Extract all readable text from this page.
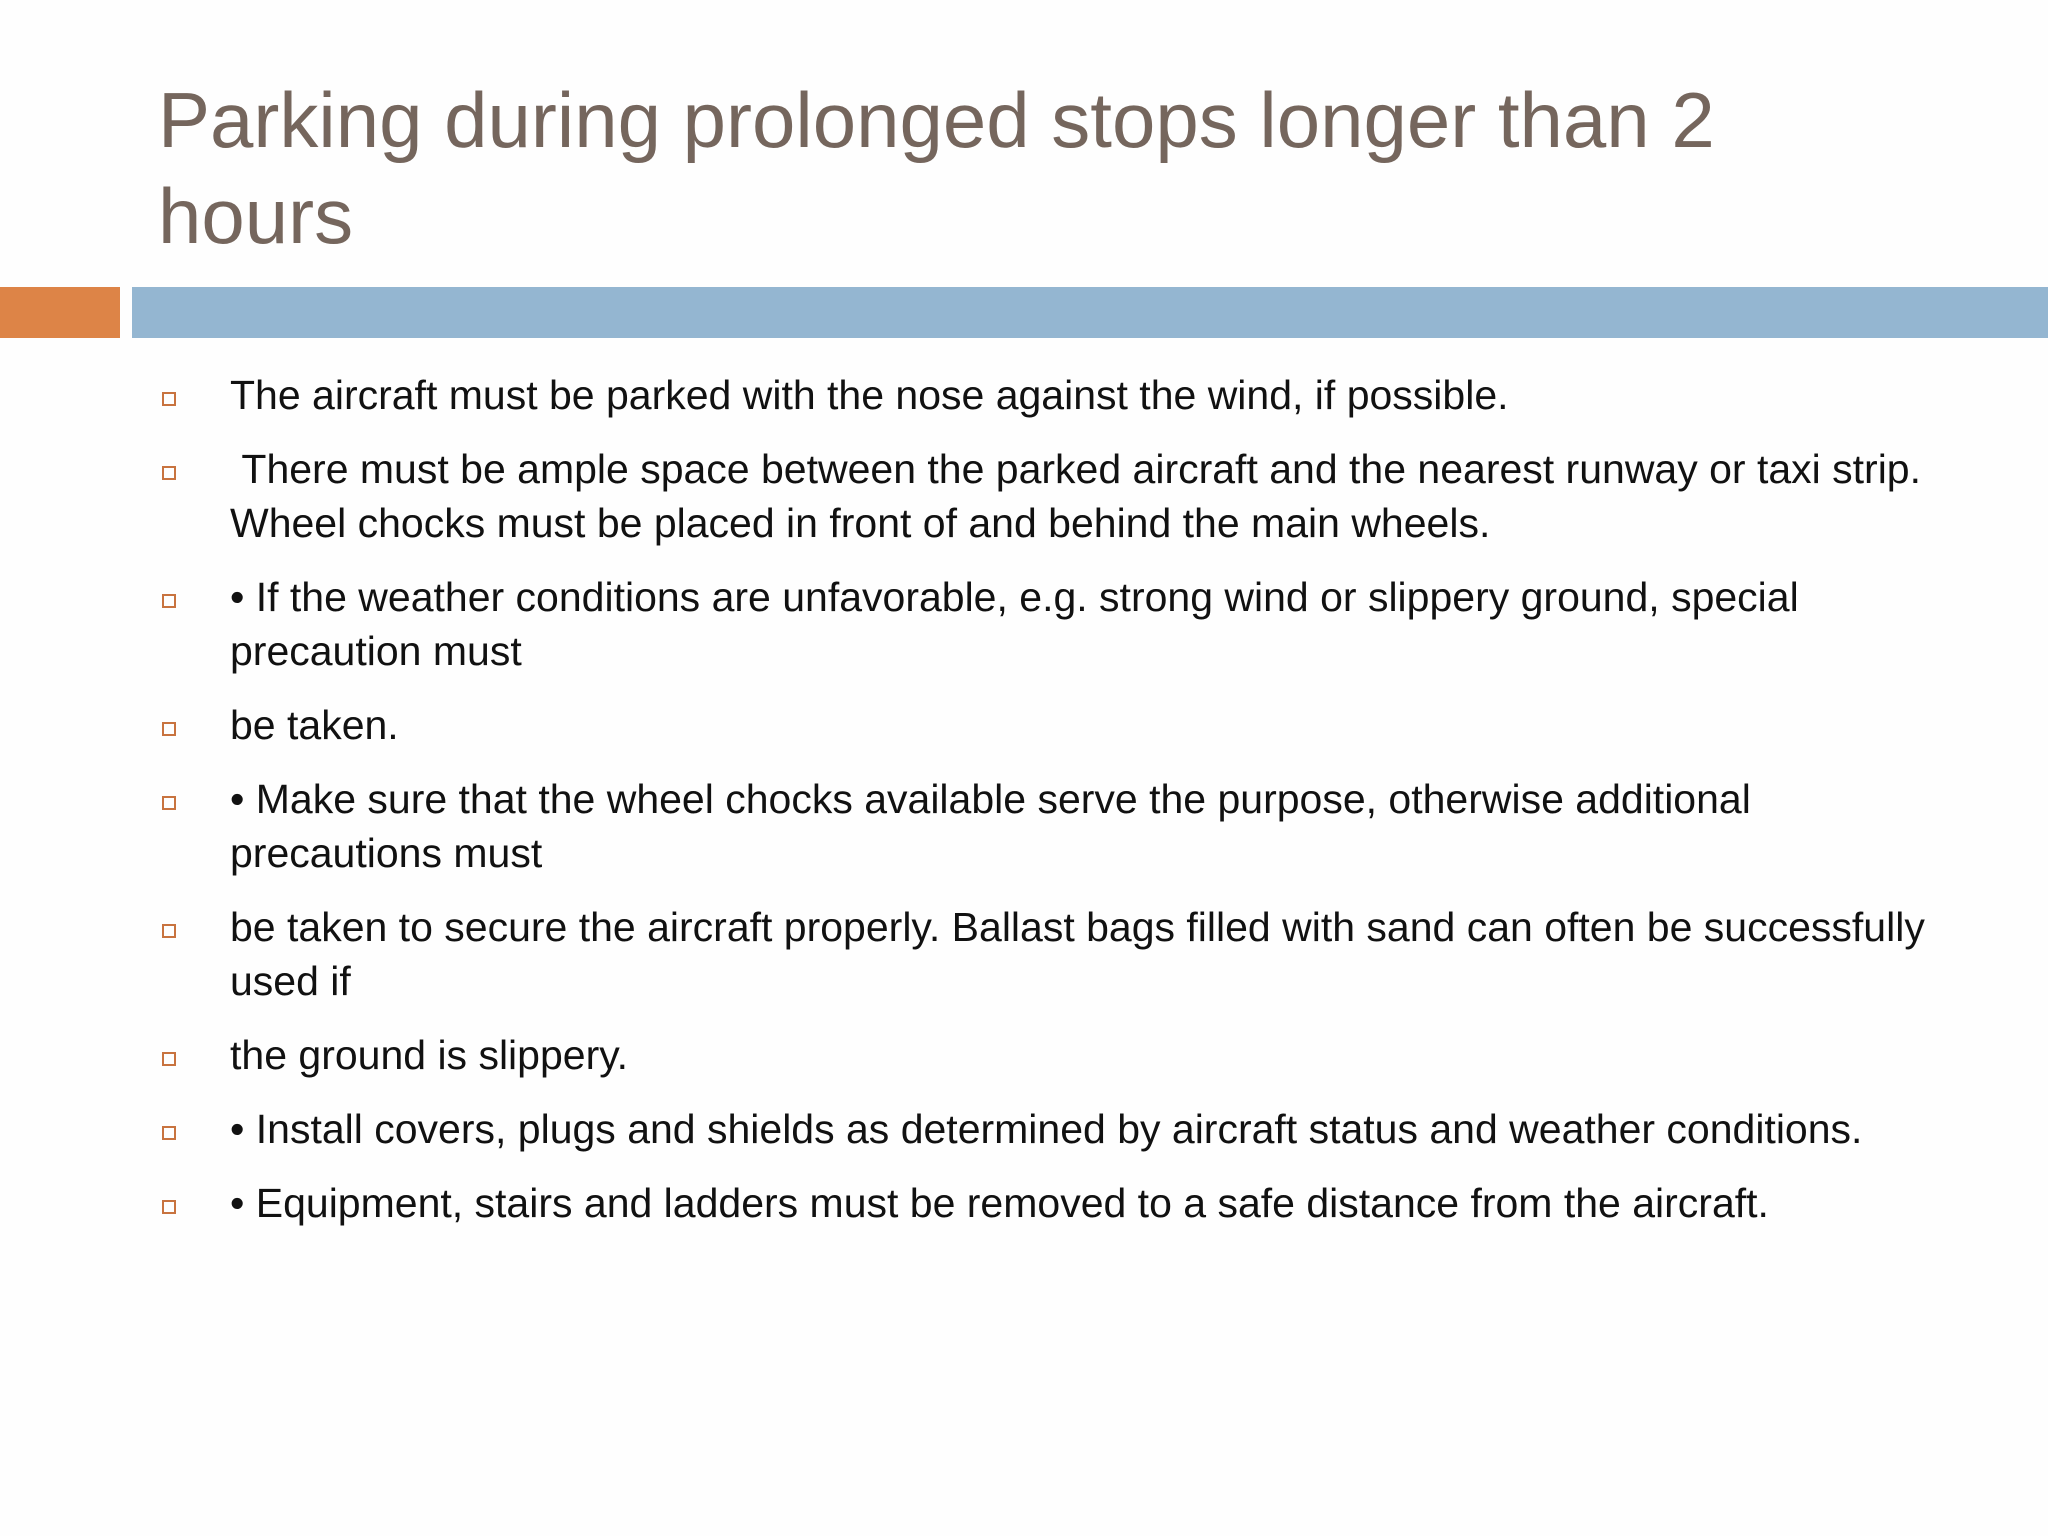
Parking during prolonged stops longer than 2 hours
The aircraft must be parked with the nose against the wind, if possible.
There must be ample space between the parked aircraft and the nearest runway or taxi strip. Wheel chocks must be placed in front of and behind the main wheels.
• If the weather conditions are unfavorable, e.g. strong wind or slippery ground, special precaution must
be taken.
• Make sure that the wheel chocks available serve the purpose, otherwise additional precautions must
be taken to secure the aircraft properly. Ballast bags filled with sand can often be successfully used if
the ground is slippery.
• Install covers, plugs and shields as determined by aircraft status and weather conditions.
• Equipment, stairs and ladders must be removed to a safe distance from the aircraft.
